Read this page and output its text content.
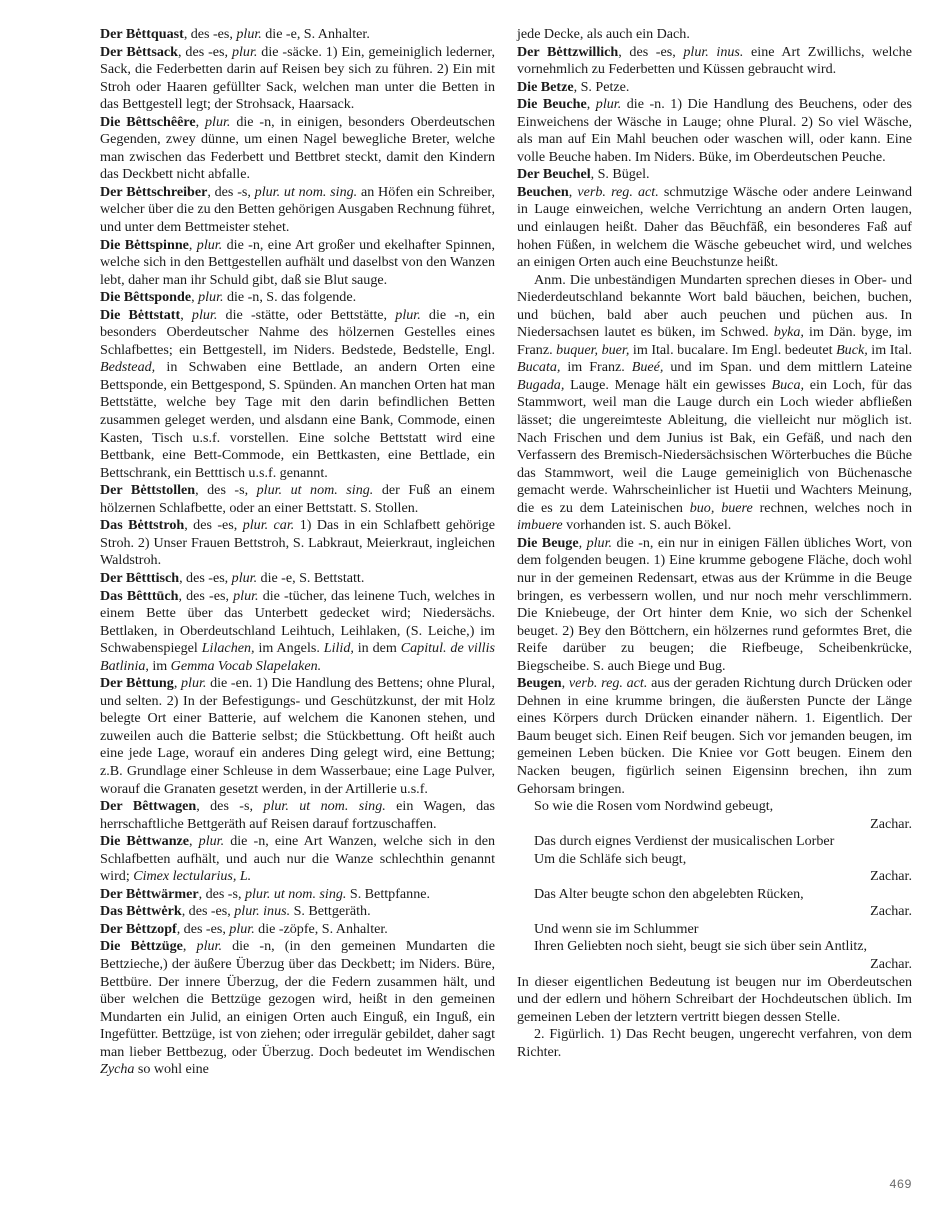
Der Bėttquast, des -es, plur. die -e, S. Anhalter.

Der Bėttsack, des -es, plur. die -säcke. 1) Ein, gemeiniglich lederner, Sack, die Federbetten darin auf Reisen bey sich zu führen. 2) Ein mit Stroh oder Haaren gefüllter Sack, welchen man unter die Betten in das Bettgestell legt; der Strohsack, Haarsack.

Die Bêttschêêre, plur. die -n, in einigen, besonders Oberdeutschen Gegenden, zwey dünne, um einen Nagel bewegliche Breter, welche man zwischen das Federbett und Bettbret steckt, damit den Kindern das Deckbett nicht abfalle.

Der Bėttschreiber, des -s, plur. ut nom. sing. an Höfen ein Schreiber, welcher über die zu den Betten gehörigen Ausgaben Rechnung führet, und unter dem Bettmeister stehet.

Die Bėttspinne, plur. die -n, eine Art großer und ekelhafter Spinnen, welche sich in den Bettgestellen aufhält und daselbst von den Wanzen lebt, daher man ihr Schuld gibt, daß sie Blut sauge.

Die Bêttsponde, plur. die -n, S. das folgende.

Die Bėttstatt, plur. die -stätte, oder Bettstätte, plur. die -n, ein besonders Oberdeutscher Nahme des hölzernen Gestelles eines Schlafbettes; ein Bettgestell, im Niders. Bedstede, Bedstelle, Engl. Bedstead, in Schwaben eine Bettlade, an andern Orten eine Bettsponde, ein Bettgespond, S. Spünden. An manchen Orten hat man Bettstätte, welche bey Tage mit den darin befindlichen Betten zusammen geleget werden, und alsdann eine Bank, Commode, einen Kasten, Tisch u.s.f. vorstellen. Eine solche Bettstatt wird eine Bettbank, eine Bett-Commode, ein Bettkasten, eine Bettlade, ein Bettschrank, ein Betttisch u.s.f. genannt.

Der Bėttstollen, des -s, plur. ut nom. sing. der Fuß an einem hölzernen Schlafbette, oder an einer Bettstatt. S. Stollen.

Das Bėttstroh, des -es, plur. car. 1) Das in ein Schlafbett gehörige Stroh. 2) Unser Frauen Bettstroh, S. Labkraut, Meierkraut, ingleichen Waldstroh.

Der Bêtttisch, des -es, plur. die -e, S. Bettstatt.

Das Bêtttūch, des -es, plur. die -tücher, das leinene Tuch, welches in einem Bette über das Unterbett gedecket wird; Niedersächs. Bettlaken, in Oberdeutschland Leihtuch, Leihlaken, (S. Leiche,) im Schwabenspiegel Lilachen, im Angels. Lilid, in dem Capitul. de villis Batlinia, im Gemma Vocab Slapelaken.

Der Bėttung, plur. die -en. 1) Die Handlung des Bettens; ohne Plural, und selten. 2) In der Befestigungs- und Geschützkunst, der mit Holz belegte Ort einer Batterie, auf welchem die Kanonen stehen, und zuweilen auch die Batterie selbst; die Stückbettung. Oft heißt auch eine jede Lage, worauf ein anderes Ding gelegt wird, eine Bettung; z.B. Grundlage einer Schleuse in dem Wasserbaue; eine Lage Pulver, worauf die Granaten gesetzt werden, in der Artillerie u.s.f.

Der Bêttwagen, des -s, plur. ut nom. sing. ein Wagen, das herrschaftliche Bettgeräth auf Reisen darauf fortzuschaffen.

Die Bėttwanze, plur. die -n, eine Art Wanzen, welche sich in den Schlafbetten aufhält, und auch nur die Wanze schlechthin genannt wird; Cimex lectularius, L.

Der Bėttwärmer, des -s, plur. ut nom. sing. S. Bettpfanne.

Das Bėttwėrk, des -es, plur. inus. S. Bettgeräth.

Der Bėttzopf, des -es, plur. die -zöpfe, S. Anhalter.

Die Bėttzüge, plur. die -n, (in den gemeinen Mundarten die Bettzieche,) der äußere Überzug über das Deckbett; im Niders. Büre, Bettbüre. Der innere Überzug, der die Federn zusammen hält, und über welchen die Bettzüge gezogen wird, heißt in den gemeinen Mundarten ein Julid, an einigen Orten auch Einguß, ein Inguß, ein Ingefütter. Bettzüge, ist von ziehen; oder irregulär gebildet, daher sagt man lieber Bettbezug, oder Überzug. Doch bedeutet im Wendischen Zycha so wohl eine

jede Decke, als auch ein Dach.

Der Bėttzwillich, des -es, plur. inus. eine Art Zwillichs, welche vornehmlich zu Federbetten und Küssen gebraucht wird.

Die Betze, S. Petze.

Die Beuche, plur. die -n. 1) Die Handlung des Beuchens, oder des Einweichens der Wäsche in Lauge; ohne Plural. 2) So viel Wäsche, als man auf Ein Mahl beuchen oder waschen will, oder kann. Eine volle Beuche haben. Im Niders. Büke, im Oberdeutschen Peuche.

Der Beuchel, S. Bügel.

Beuchen, verb. reg. act. schmutzige Wäsche oder andere Leinwand in Lauge einweichen, welche Verrichtung an andern Orten laugen, und einlaugen heißt. Daher das Bēuchfāß, ein besonderes Faß auf hohen Füßen, in welchem die Wäsche gebeuchet wird, und welches an einigen Orten auch eine Beuchstunze heißt.

Anm. Die unbeständigen Mundarten sprechen dieses in Ober- und Niederdeutschland bekannte Wort bald bäuchen, beichen, buchen, und büchen, bald aber auch peuchen und püchen aus. In Niedersachsen lautet es büken, im Schwed. byka, im Dän. byge, im Franz. buquer, buer, im Ital. bucalare. Im Engl. bedeutet Buck, im Ital. Bucata, im Franz. Bueé, und im Span. und dem mittlern Lateine Bugada, Lauge. Menage hält ein gewisses Buca, ein Loch, für das Stammwort, weil man die Lauge durch ein Loch wieder abfließen lässet; die ungereimteste Ableitung, die vielleicht nur möglich ist. Nach Frischen und dem Junius ist Bak, ein Gefäß, und nach den Verfassern des Bremisch-Niedersächsischen Wörterbuches die Büche das Stammwort, weil die Lauge gemeiniglich von Büchenasche gemacht werde. Wahrscheinlicher ist Huetii und Wachters Meinung, die es zu dem Lateinischen buo, buere rechnen, welches noch in imbuere vorhanden ist. S. auch Bökel.

Die Beuge, plur. die -n, ein nur in einigen Fällen übliches Wort, von dem folgenden beugen. 1) Eine krumme gebogene Fläche, doch wohl nur in der gemeinen Redensart, etwas aus der Krümme in die Beuge bringen, es verbessern wollen, und nur noch mehr verschlimmern. Die Kniebeuge, der Ort hinter dem Knie, wo sich der Schenkel beuget. 2) Bey den Böttchern, ein hölzernes rund geformtes Bret, die Reife darüber zu beugen; die Riefbeuge, Scheibenkrücke, Biegscheibe. S. auch Biege und Bug.

Beugen, verb. reg. act. aus der geraden Richtung durch Drücken oder Dehnen in eine krumme bringen, die äußersten Puncte der Länge eines Körpers durch Drücken einander nähern. 1. Eigentlich. Der Baum beuget sich. Einen Reif beugen. Sich vor jemanden beugen, im gemeinen Leben bücken. Die Kniee vor Gott beugen. Einem den Nacken beugen, figürlich seinen Eigensinn brechen, ihn zum Gehorsam bringen.

So wie die Rosen vom Nordwind gebeugt,

Zachar.

Das durch eignes Verdienst der musicalischen Lorber

Um die Schläfe sich beugt,

Zachar.

Das Alter beugte schon den abgelebten Rücken,

Zachar.

Und wenn sie im Schlummer

Ihren Geliebten noch sieht, beugt sie sich über sein Antlitz,

Zachar.

In dieser eigentlichen Bedeutung ist beugen nur im Oberdeutschen und der edlern und höhern Schreibart der Hochdeutschen üblich. Im gemeinen Leben der letztern vertritt biegen dessen Stelle.

2. Figürlich. 1) Das Recht beugen, ungerecht verfahren, von dem Richter.

469
